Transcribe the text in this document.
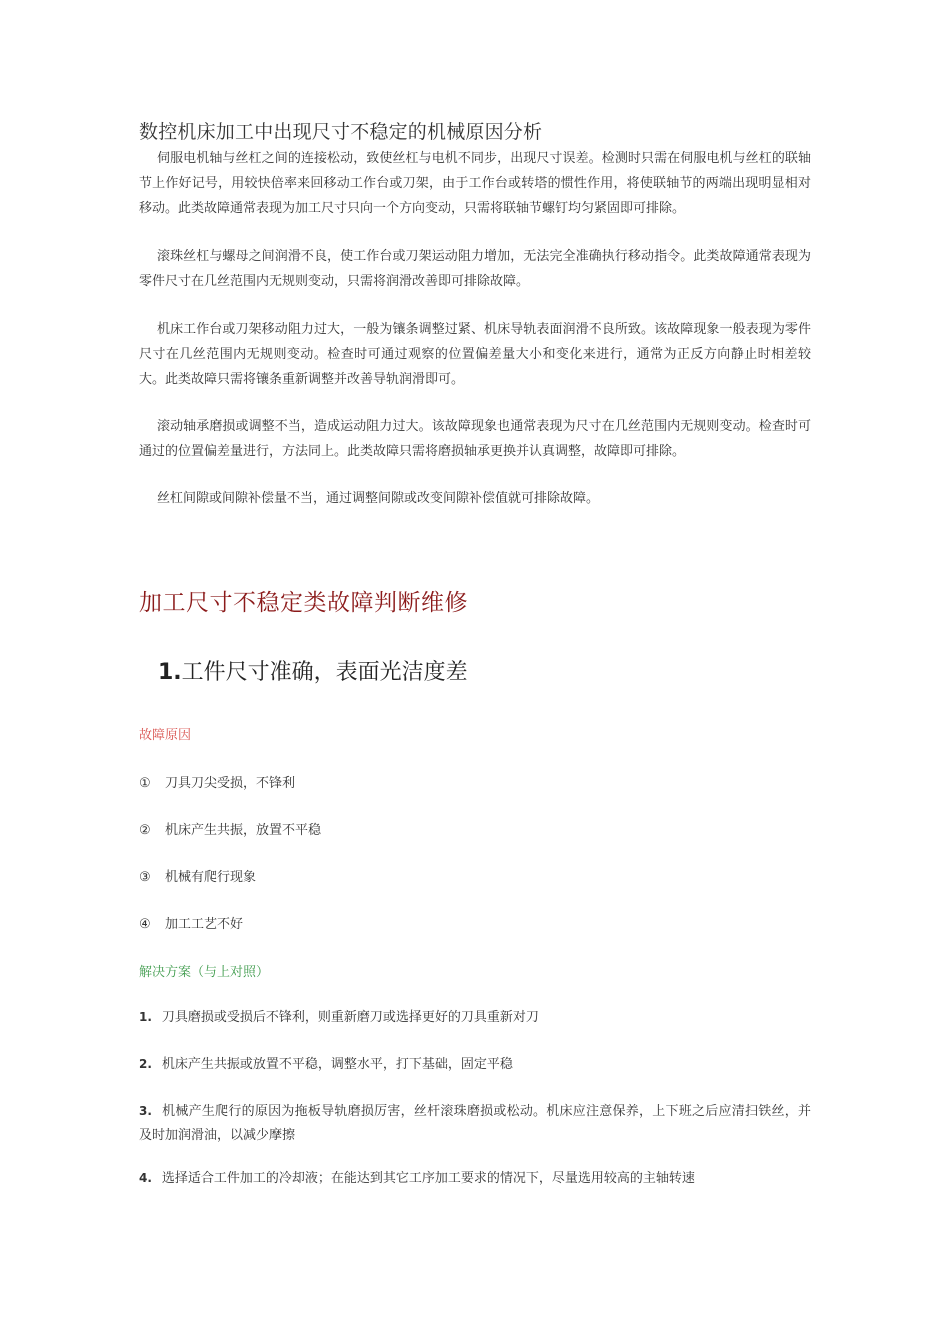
数控机床加工中出现尺寸不稳定的机械原因分析

伺服电机轴与丝杠之间的连接松动，致使丝杠与电机不同步，出现尺寸误差。检测时只需在伺服电机与丝杠的联轴节上作好记号，用较快倍率来回移动工作台或刀架，由于工作台或转塔的惯性作用，将使联轴节的两端出现明显相对移动。此类故障通常表现为加工尺寸只向一个方向变动，只需将联轴节螺钉均匀紧固即可排除。

滚珠丝杠与螺母之间润滑不良，使工作台或刀架运动阻力增加，无法完全准确执行移动指令。此类故障通常表现为零件尺寸在几丝范围内无规则变动，只需将润滑改善即可排除故障。

机床工作台或刀架移动阻力过大，一般为镶条调整过紧、机床导轨表面润滑不良所致。该故障现象一般表现为零件尺寸在几丝范围内无规则变动。检查时可通过观察的位置偏差量大小和变化来进行，通常为正反方向静止时相差较大。此类故障只需将镶条重新调整并改善导轨润滑即可。

滚动轴承磨损或调整不当，造成运动阻力过大。该故障现象也通常表现为尺寸在几丝范围内无规则变动。检查时可通过的位置偏差量进行，方法同上。此类故障只需将磨损轴承更换并认真调整，故障即可排除。

丝杠间隙或间隙补偿量不当，通过调整间隙或改变间隙补偿值就可排除故障。

加工尺寸不稳定类故障判断维修
1.工件尺寸准确，表面光洁度差
故障原因
① 刀具刀尖受损，不锋利
② 机床产生共振，放置不平稳
③ 机械有爬行现象
④ 加工工艺不好
解决方案（与上对照）
1. 刀具磨损或受损后不锋利，则重新磨刀或选择更好的刀具重新对刀
2. 机床产生共振或放置不平稳，调整水平，打下基础，固定平稳
3. 机械产生爬行的原因为拖板导轨磨损厉害，丝杆滚珠磨损或松动。机床应注意保养，上下班之后应清扫铁丝，并及时加润滑油，以减少摩擦
4. 选择适合工件加工的冷却液；在能达到其它工序加工要求的情况下，尽量选用较高的主轴转速
